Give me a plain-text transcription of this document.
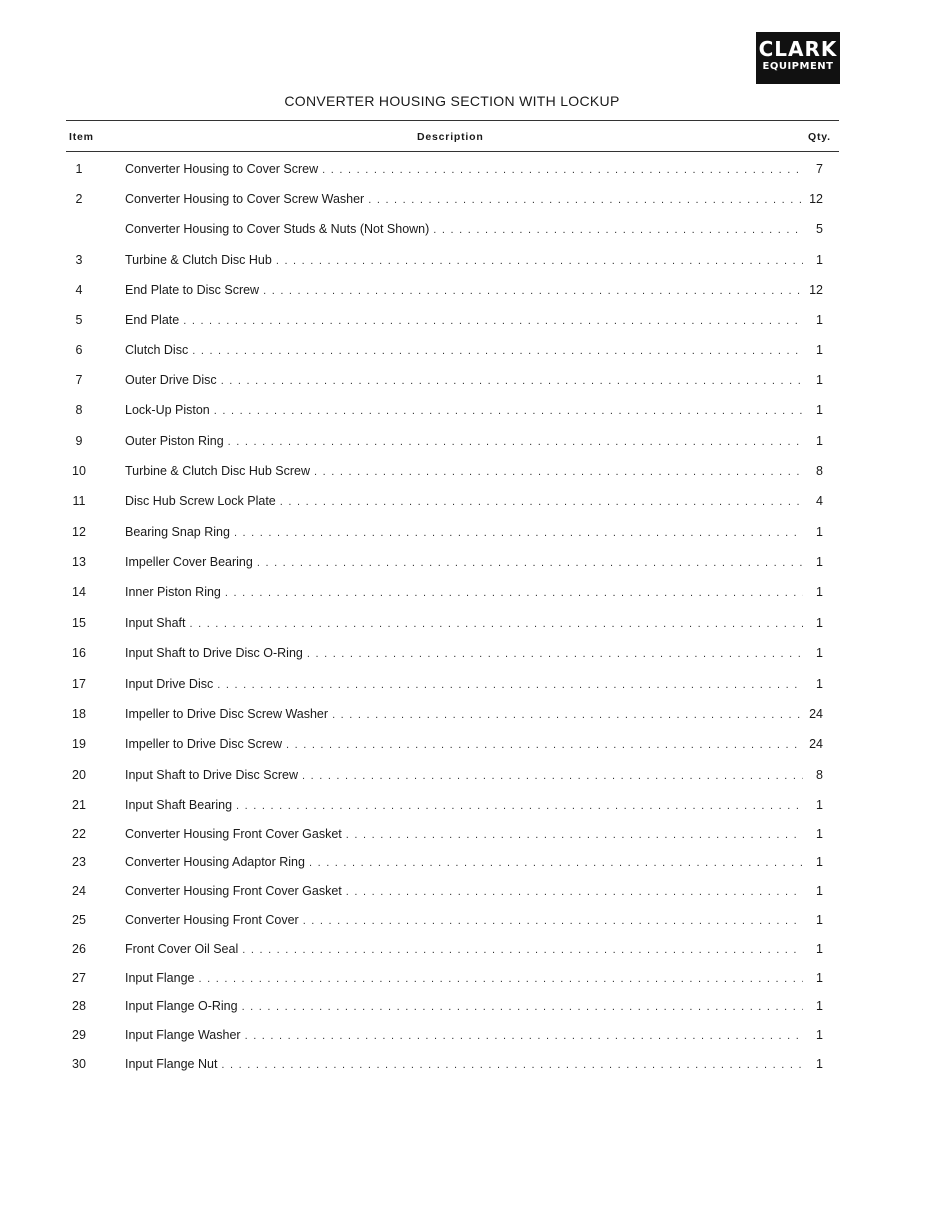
CLARK
EQUIPMENT
CONVERTER HOUSING SECTION WITH LOCKUP
Item	Description	Qty.
1	Converter Housing to Cover Screw . . .	7
2	Converter Housing to Cover Screw Washer . . .	12
Converter Housing to Cover Studs & Nuts (Not Shown) . . .	5
3	Turbine & Clutch Disc Hub . . .	1
4	End Plate to Disc Screw . . .	12
5	End Plate . . .	1
6	Clutch Disc . . .	1
7	Outer Drive Disc . . .	1
8	Lock-Up Piston . . .	1
9	Outer Piston Ring . . .	1
10	Turbine & Clutch Disc Hub Screw . . .	8
11	Disc Hub Screw Lock Plate . . .	4
12	Bearing Snap Ring . . .	1
13	Impeller Cover Bearing . . .	1
14	Inner Piston Ring . . .	1
15	Input Shaft . . .	1
16	Input Shaft to Drive Disc O-Ring . . .	1
17	Input Drive Disc . . .	1
18	Impeller to Drive Disc Screw Washer . . .	24
19	Impeller to Drive Disc Screw . . .	24
20	Input Shaft to Drive Disc Screw . . .	8
21	Input Shaft Bearing . . .	1
22	Converter Housing Front Cover Gasket . . .	1
23	Converter Housing Adaptor Ring . . .	1
24	Converter Housing Front Cover Gasket . . .	1
25	Converter Housing Front Cover . . .	1
26	Front Cover Oil Seal . . .	1
27	Input Flange . . .	1
28	Input Flange O-Ring . . .	1
29	Input Flange Washer . . .	1
30	Input Flange Nut . . .	1
